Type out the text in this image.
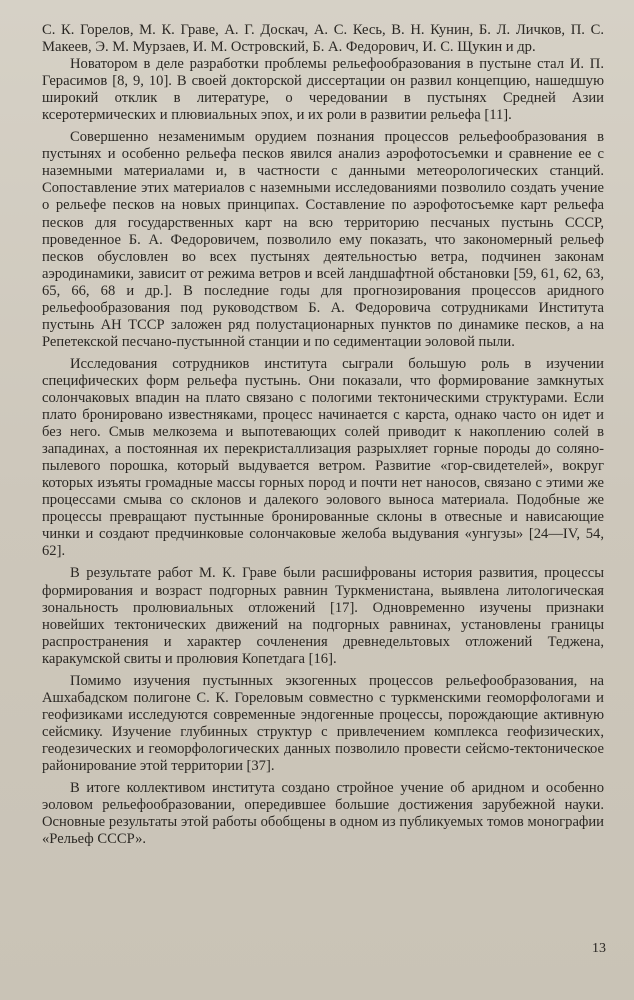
С. К. Горелов, М. К. Граве, А. Г. Доскач, А. С. Кесь, В. Н. Кунин, Б. Л. Личков, П. С. Макеев, Э. М. Мурзаев, И. М. Островский, Б. А. Федорович, И. С. Щукин и др.

Новатором в деле разработки проблемы рельефообразования в пустыне стал И. П. Герасимов [8, 9, 10]. В своей докторской диссертации он развил концепцию, нашедшую широкий отклик в литературе, о чередовании в пустынях Средней Азии ксеротермических и плювиальных эпох, и их роли в развитии рельефа [11].

Совершенно незаменимым орудием познания процессов рельефообразования в пустынях и особенно рельефа песков явился анализ аэрофотосъемки и сравнение ее с наземными материалами и, в частности с данными метеорологических станций. Сопоставление этих материалов с наземными исследованиями позволило создать учение о рельефе песков на новых принципах. Составление по аэрофотосъемке карт рельефа песков для государственных карт на всю территорию песчаных пустынь СССР, проведенное Б. А. Федоровичем, позволило ему показать, что закономерный рельеф песков обусловлен во всех пустынях деятельностью ветра, подчинен законам аэродинамики, зависит от режима ветров и всей ландшафтной обстановки [59, 61, 62, 63, 65, 66, 68 и др.]. В последние годы для прогнозирования процессов аридного рельефообразования под руководством Б. А. Федоровича сотрудниками Института пустынь АН ТССР заложен ряд полустационарных пунктов по динамике песков, а на Репетекской песчано-пустынной станции и по седиментации эоловой пыли.

Исследования сотрудников института сыграли большую роль в изучении специфических форм рельефа пустынь. Они показали, что формирование замкнутых солончаковых впадин на плато связано с пологими тектоническими структурами. Если плато бронировано известняками, процесс начинается с карста, однако часто он идет и без него. Смыв мелкозема и выпотевающих солей приводит к накоплению солей в западинах, а постоянная их перекристаллизация разрыхляет горные породы до соляно-пылевого порошка, который выдувается ветром. Развитие «гор-свидетелей», вокруг которых изъяты громадные массы горных пород и почти нет наносов, связано с этими же процессами смыва со склонов и далекого эолового выноса материала. Подобные же процессы превращают пустынные бронированные склоны в отвесные и нависающие чинки и создают предчинковые солончаковые желоба выдувания «унгузы» [24—IV, 54, 62].

В результате работ М. К. Граве были расшифрованы история развития, процессы формирования и возраст подгорных равнин Туркменистана, выявлена литологическая зональность пролювиальных отложений [17]. Одновременно изучены признаки новейших тектонических движений на подгорных равнинах, установлены границы распространения и характер сочленения древнедельтовых отложений Теджена, каракумской свиты и пролювия Копетдага [16].

Помимо изучения пустынных экзогенных процессов рельефообразования, на Ашхабадском полигоне С. К. Гореловым совместно с туркменскими геоморфологами и геофизиками исследуются современные эндогенные процессы, порождающие активную сейсмику. Изучение глубинных структур с привлечением комплекса геофизических, геодезических и геоморфологических данных позволило провести сейсмо-тектоническое районирование этой территории [37].

В итоге коллективом института создано стройное учение об аридном и особенно эоловом рельефообразовании, опередившее большие достижения зарубежной науки. Основные результаты этой работы обобщены в одном из публикуемых томов монографии «Рельеф СССР».

13
